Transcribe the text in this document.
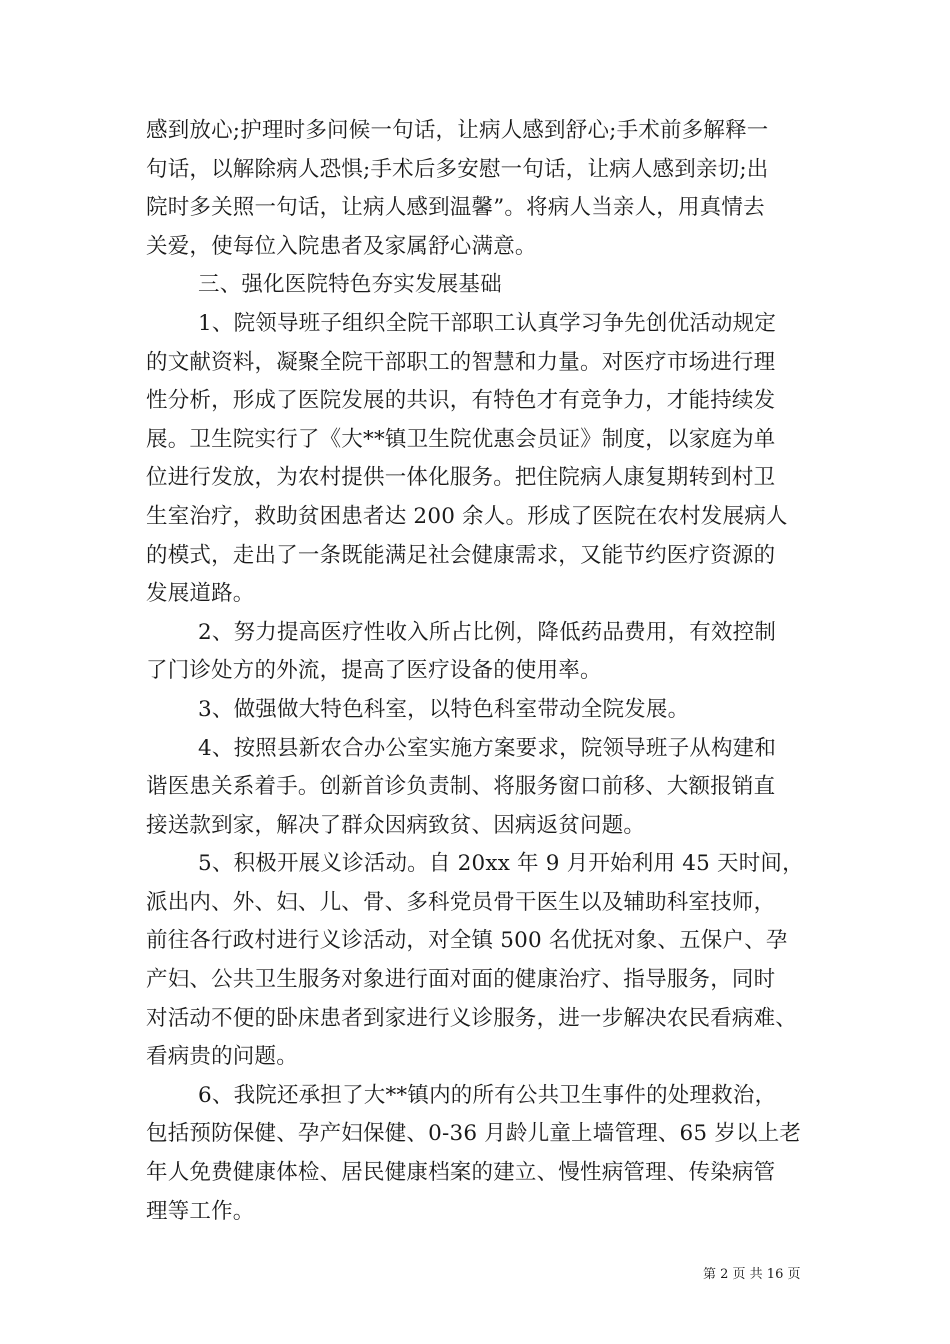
感到放心;护理时多问候一句话，让病人感到舒心;手术前多解释一
句话，以解除病人恐惧;手术后多安慰一句话，让病人感到亲切;出
院时多关照一句话，让病人感到温馨”。将病人当亲人，用真情去
关爱，使每位入院患者及家属舒心满意。
三、强化医院特色夯实发展基础
1、院领导班子组织全院干部职工认真学习争先创优活动规定
的文献资料，凝聚全院干部职工的智慧和力量。对医疗市场进行理
性分析，形成了医院发展的共识，有特色才有竞争力，才能持续发
展。卫生院实行了《大**镇卫生院优惠会员证》制度，以家庭为单
位进行发放，为农村提供一体化服务。把住院病人康复期转到村卫
生室治疗，救助贫困患者达 200 余人。形成了医院在农村发展病人
的模式，走出了一条既能满足社会健康需求，又能节约医疗资源的
发展道路。
2、努力提高医疗性收入所占比例，降低药品费用，有效控制
了门诊处方的外流，提高了医疗设备的使用率。
3、做强做大特色科室，以特色科室带动全院发展。
4、按照县新农合办公室实施方案要求，院领导班子从构建和
谐医患关系着手。创新首诊负责制、将服务窗口前移、大额报销直
接送款到家，解决了群众因病致贫、因病返贫问题。
5、积极开展义诊活动。自 20xx 年 9 月开始利用 45 天时间，
派出内、外、妇、儿、骨、多科党员骨干医生以及辅助科室技师，
前往各行政村进行义诊活动，对全镇 500 名优抚对象、五保户、孕
产妇、公共卫生服务对象进行面对面的健康治疗、指导服务，同时
对活动不便的卧床患者到家进行义诊服务，进一步解决农民看病难、
看病贵的问题。
6、我院还承担了大**镇内的所有公共卫生事件的处理救治，
包括预防保健、孕产妇保健、0-36 月龄儿童上墙管理、65 岁以上老
年人免费健康体检、居民健康档案的建立、慢性病管理、传染病管
理等工作。
第 2 页 共 16 页
